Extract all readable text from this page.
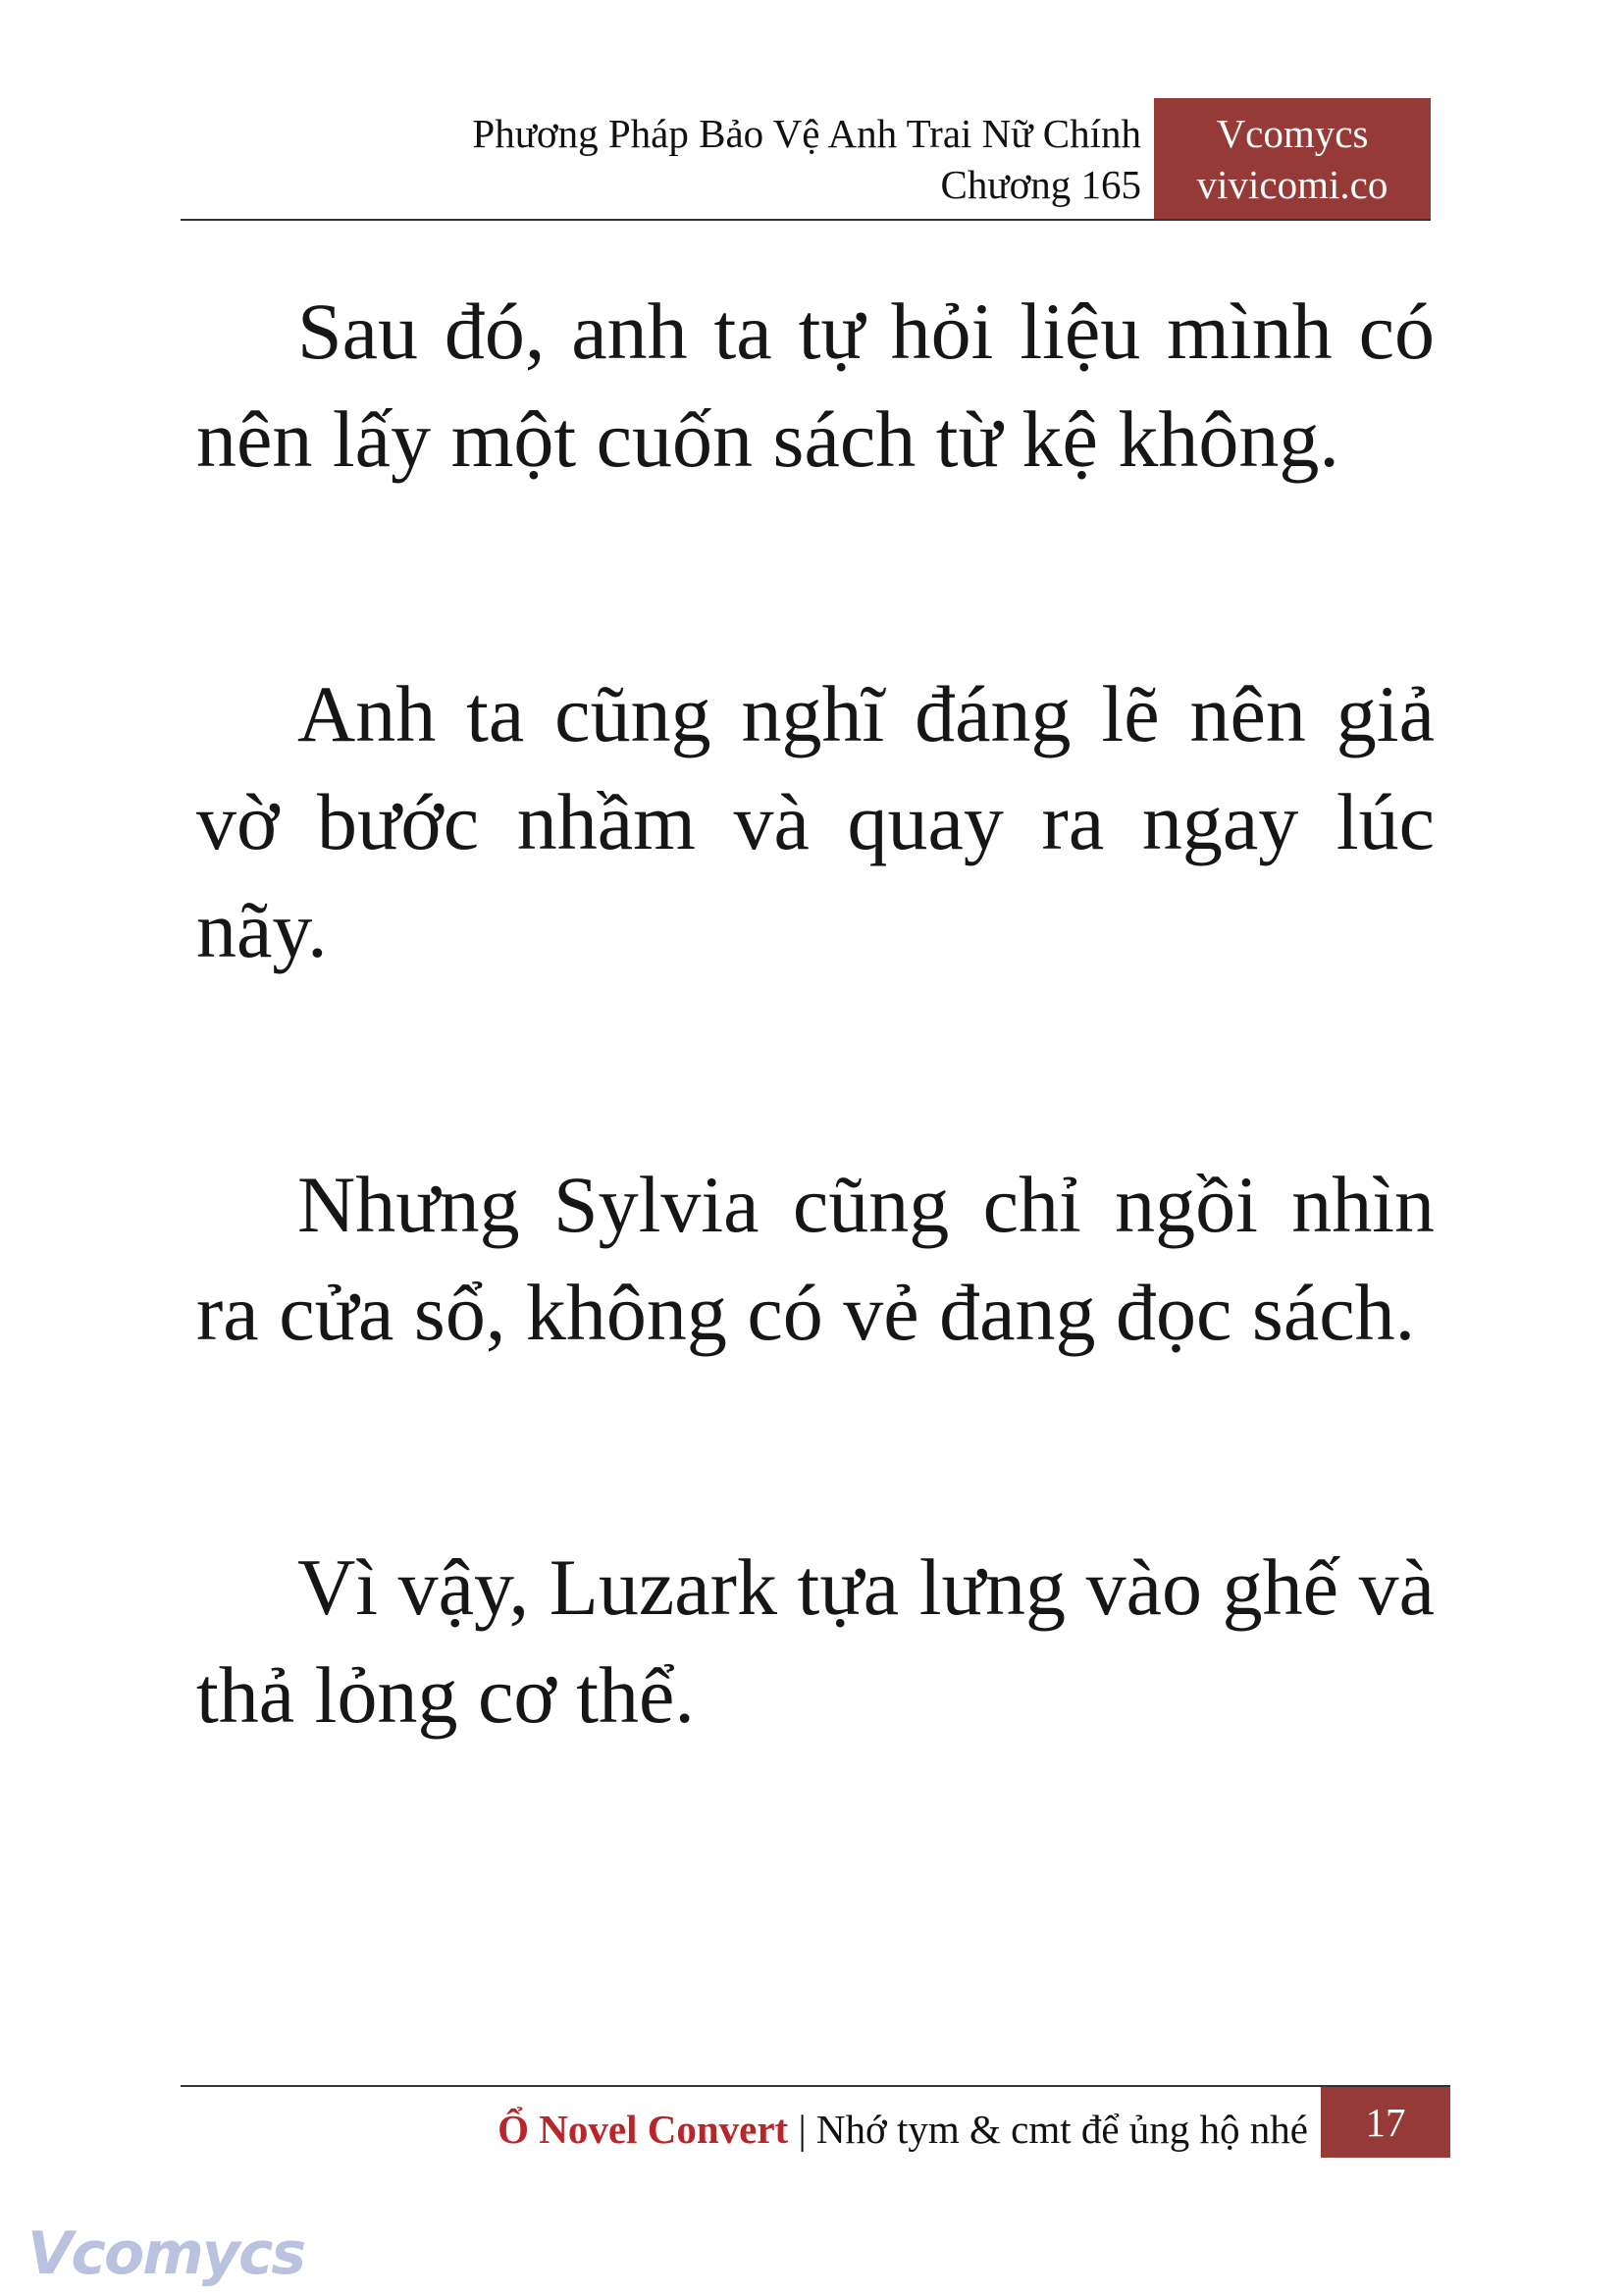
Phương Pháp Bảo Vệ Anh Trai Nữ Chính
Chương 165
Vcomycs
vivicomi.co

Sau đó, anh ta tự hỏi liệu mình có nên lấy một cuốn sách từ kệ không.

Anh ta cũng nghĩ đáng lẽ nên giả vờ bước nhầm và quay ra ngay lúc nãy.

Nhưng Sylvia cũng chỉ ngồi nhìn ra cửa sổ, không có vẻ đang đọc sách.

Vì vậy, Luzark tựa lưng vào ghế và thả lỏng cơ thể.

Ổ Novel Convert | Nhớ tym & cmt để ủng hộ nhé	17
Vcomycs
